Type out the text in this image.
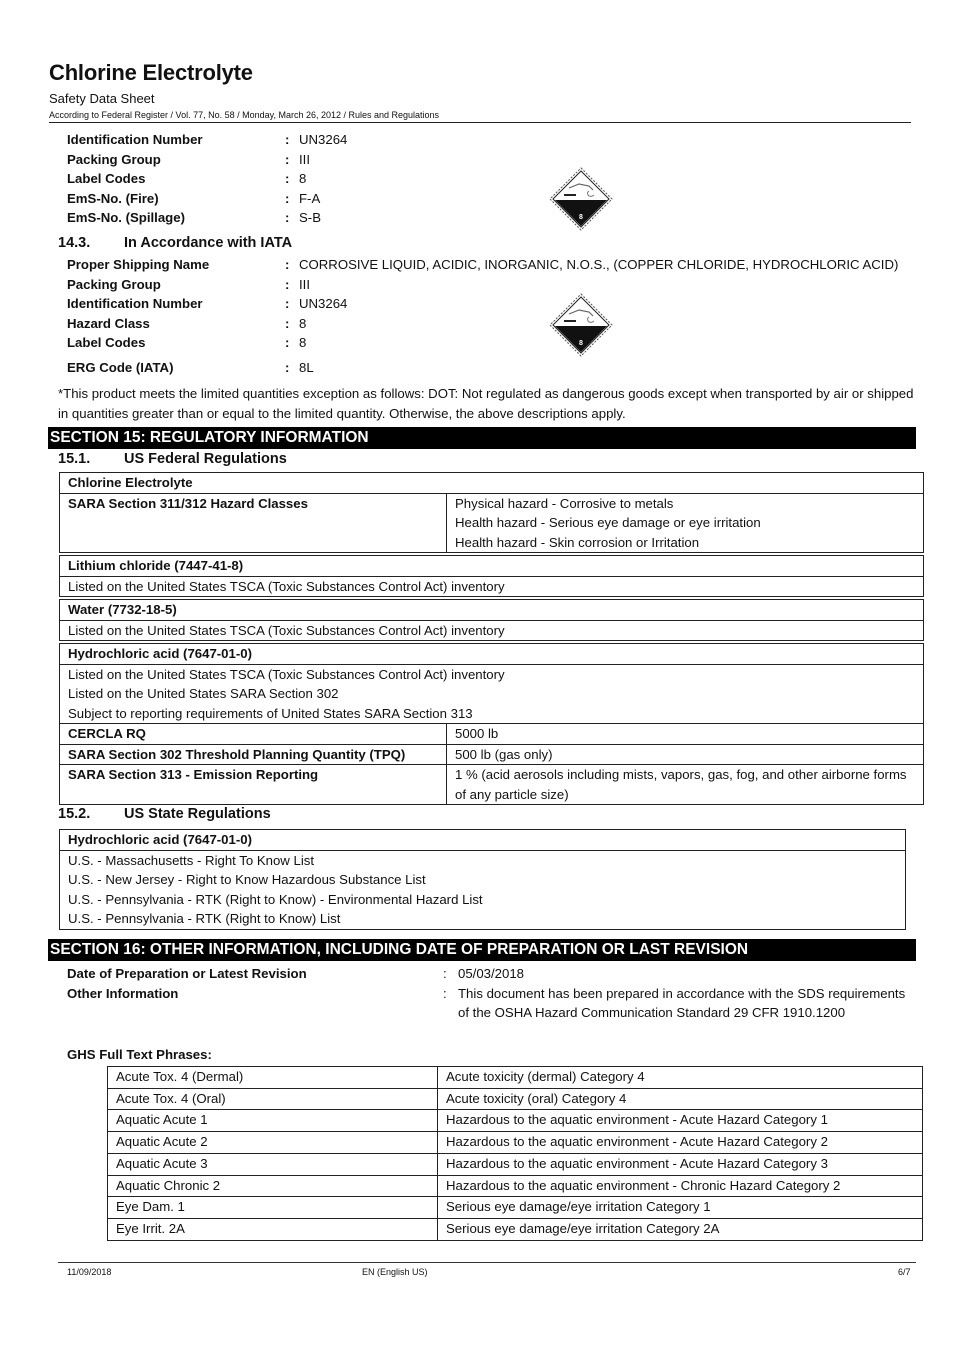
Chlorine Electrolyte
Safety Data Sheet
According to Federal Register / Vol. 77, No. 58 / Monday, March 26, 2012 / Rules and Regulations
Identification Number	: UN3264
Packing Group	: III
Label Codes	: 8
EmS-No. (Fire)	: F-A
EmS-No. (Spillage)	: S-B	8
14.3. In Accordance with IATA
Proper Shipping Name	: CORROSIVE LIQUID, ACIDIC, INORGANIC, N.O.S., (COPPER CHLORIDE, HYDROCHLORIC ACID)
Packing Group	: III
Identification Number	: UN3264
Hazard Class	: 8
Label Codes	: 8
ERG Code (IATA)	: 8L
8
*This product meets the limited quantities exception as follows: DOT: Not regulated as dangerous goods except when transported by air or shipped in quantities greater than or equal to the limited quantity. Otherwise, the above descriptions apply.
SECTION 15: REGULATORY INFORMATION
15.1. US Federal Regulations
Chlorine Electrolyte
SARA Section 311/312 Hazard Classes	Physical hazard - Corrosive to metals
Health hazard - Serious eye damage or eye irritation
Health hazard - Skin corrosion or Irritation
Lithium chloride (7447-41-8)
Listed on the United States TSCA (Toxic Substances Control Act) inventory
Water (7732-18-5)
Listed on the United States TSCA (Toxic Substances Control Act) inventory
Hydrochloric acid (7647-01-0)	

Listed on the United States TSCA (Toxic Substances Control Act) inventory
Listed on the United States SARA Section 302
Subject to reporting requirements of United States SARA Section 313	

CERCLA RQ	5000 lb
SARA Section 302 Threshold Planning Quantity (TPQ)	500 lb (gas only)
SARA Section 313 - Emission Reporting	1 % (acid aerosols including mists, vapors, gas, fog, and other airborne forms of any particle size)
15.2. US State Regulations
Hydrochloric acid (7647-01-0)
U.S. - Massachusetts - Right To Know List
U.S. - New Jersey - Right to Know Hazardous Substance List
U.S. - Pennsylvania - RTK (Right to Know) - Environmental Hazard List
U.S. - Pennsylvania - RTK (Right to Know) List
SECTION 16: OTHER INFORMATION, INCLUDING DATE OF PREPARATION OR LAST REVISION
Date of Preparation or Latest Revision	: 05/03/2018
Other Information	: This document has been prepared in accordance with the SDS requirements of the OSHA Hazard Communication Standard 29 CFR 1910.1200
GHS Full Text Phrases:
Acute Tox. 4 (Dermal)	Acute toxicity (dermal) Category 4
Acute Tox. 4 (Oral)	Acute toxicity (oral) Category 4
Aquatic Acute 1	Hazardous to the aquatic environment - Acute Hazard Category 1
Aquatic Acute 2	Hazardous to the aquatic environment - Acute Hazard Category 2
Aquatic Acute 3	Hazardous to the aquatic environment - Acute Hazard Category 3
Aquatic Chronic 2	Hazardous to the aquatic environment - Chronic Hazard Category 2
Eye Dam. 1	Serious eye damage/eye irritation Category 1
Eye Irrit. 2A	Serious eye damage/eye irritation Category 2A
11/09/2018	EN (English US)	6/7
